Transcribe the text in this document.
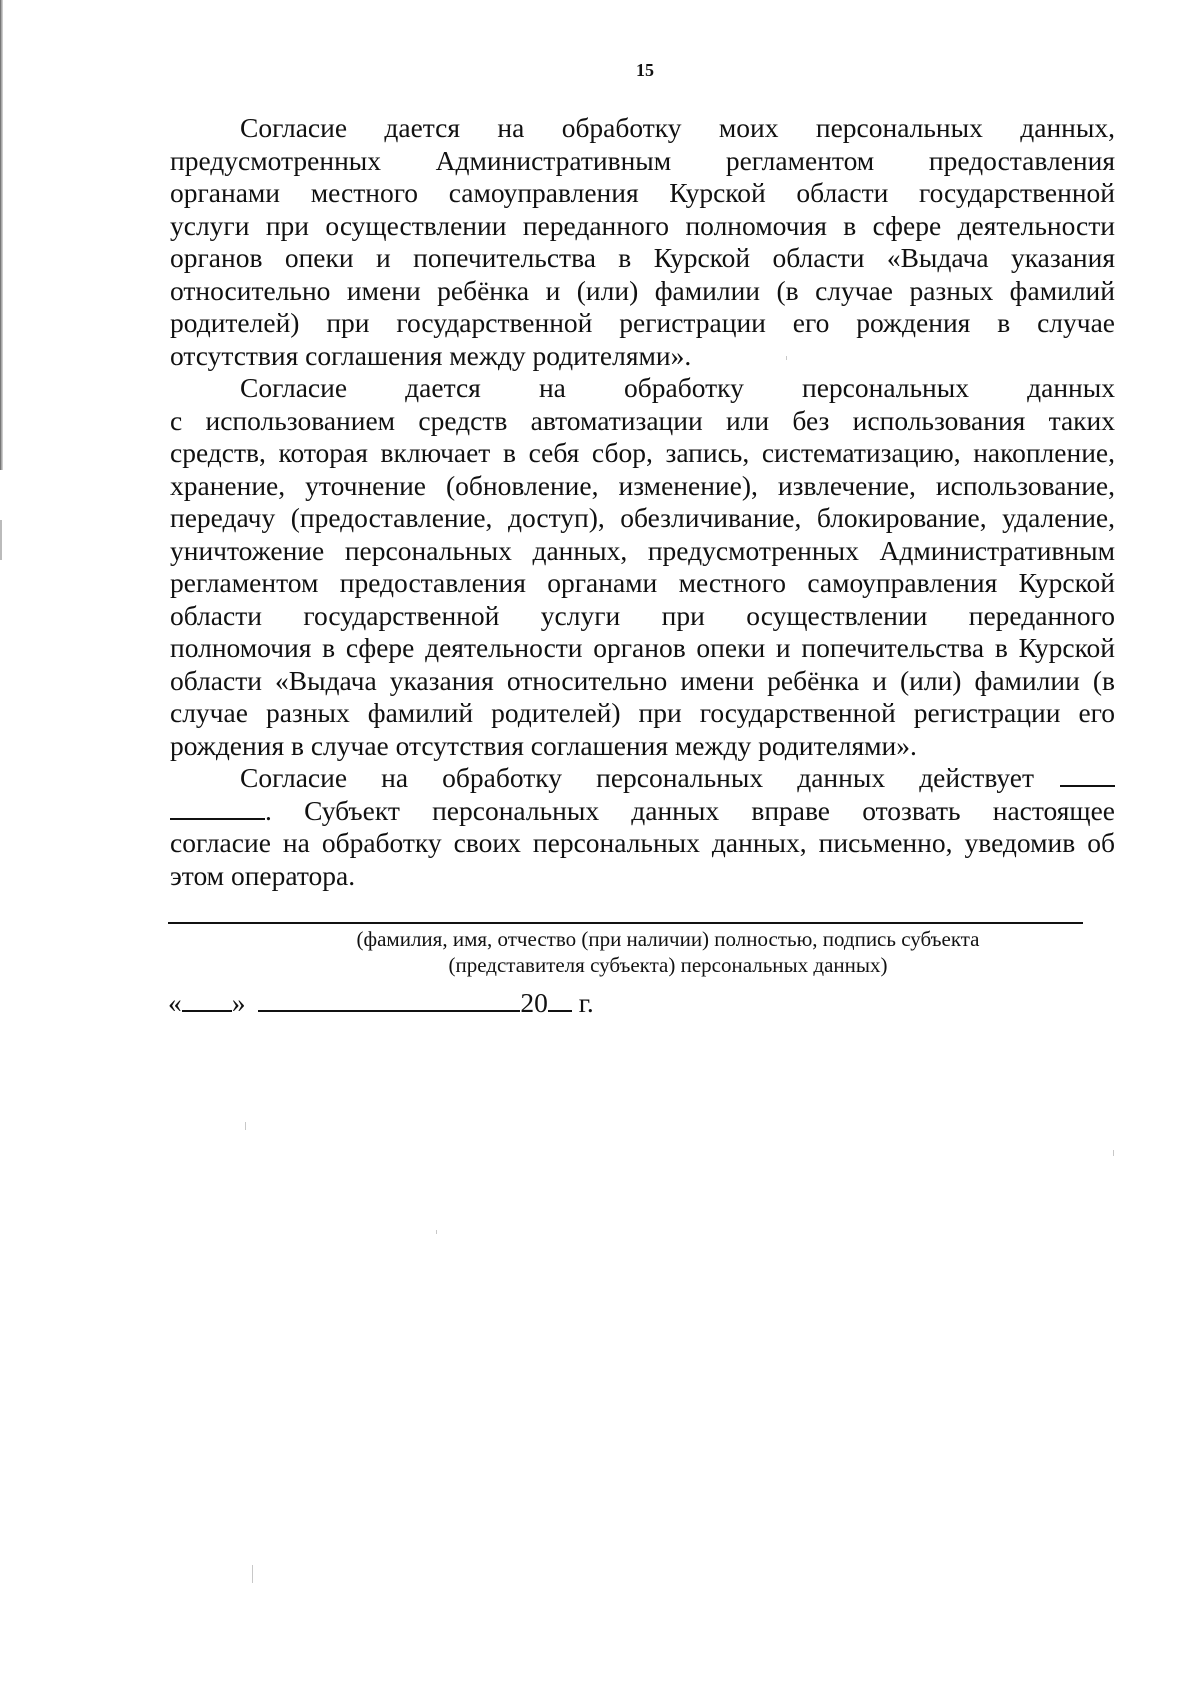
15
Согласие дается на обработку моих персональных данных,
предусмотренных Административным регламентом предоставления
органами местного самоуправления Курской области государственной
услуги при осуществлении переданного полномочия в сфере деятельности
органов опеки и попечительства в Курской области «Выдача указания
относительно имени ребёнка и (или) фамилии (в случае разных фамилий
родителей) при государственной регистрации его рождения в случае
отсутствия соглашения между родителями».
Согласие дается на обработку персональных данных
с использованием средств автоматизации или без использования таких
средств, которая включает в себя сбор, запись, систематизацию, накопление,
хранение, уточнение (обновление, изменение), извлечение, использование,
передачу (предоставление, доступ), обезличивание, блокирование, удаление,
уничтожение персональных данных, предусмотренных Административным
регламентом предоставления органами местного самоуправления Курской
области государственной услуги при осуществлении переданного
полномочия в сфере деятельности органов опеки и попечительства в Курской
области «Выдача указания относительно имени ребёнка и (или) фамилии (в
случае разных фамилий родителей) при государственной регистрации его
рождения в случае отсутствия соглашения между родителями».
Согласие на обработку персональных данных действует
. Субъект персональных данных вправе отозвать настоящее
согласие на обработку своих персональных данных, письменно, уведомив об
этом оператора.
(фамилия, имя, отчество (при наличии) полностью, подпись субъекта
(представителя субъекта) персональных данных)
« »	20 г.
